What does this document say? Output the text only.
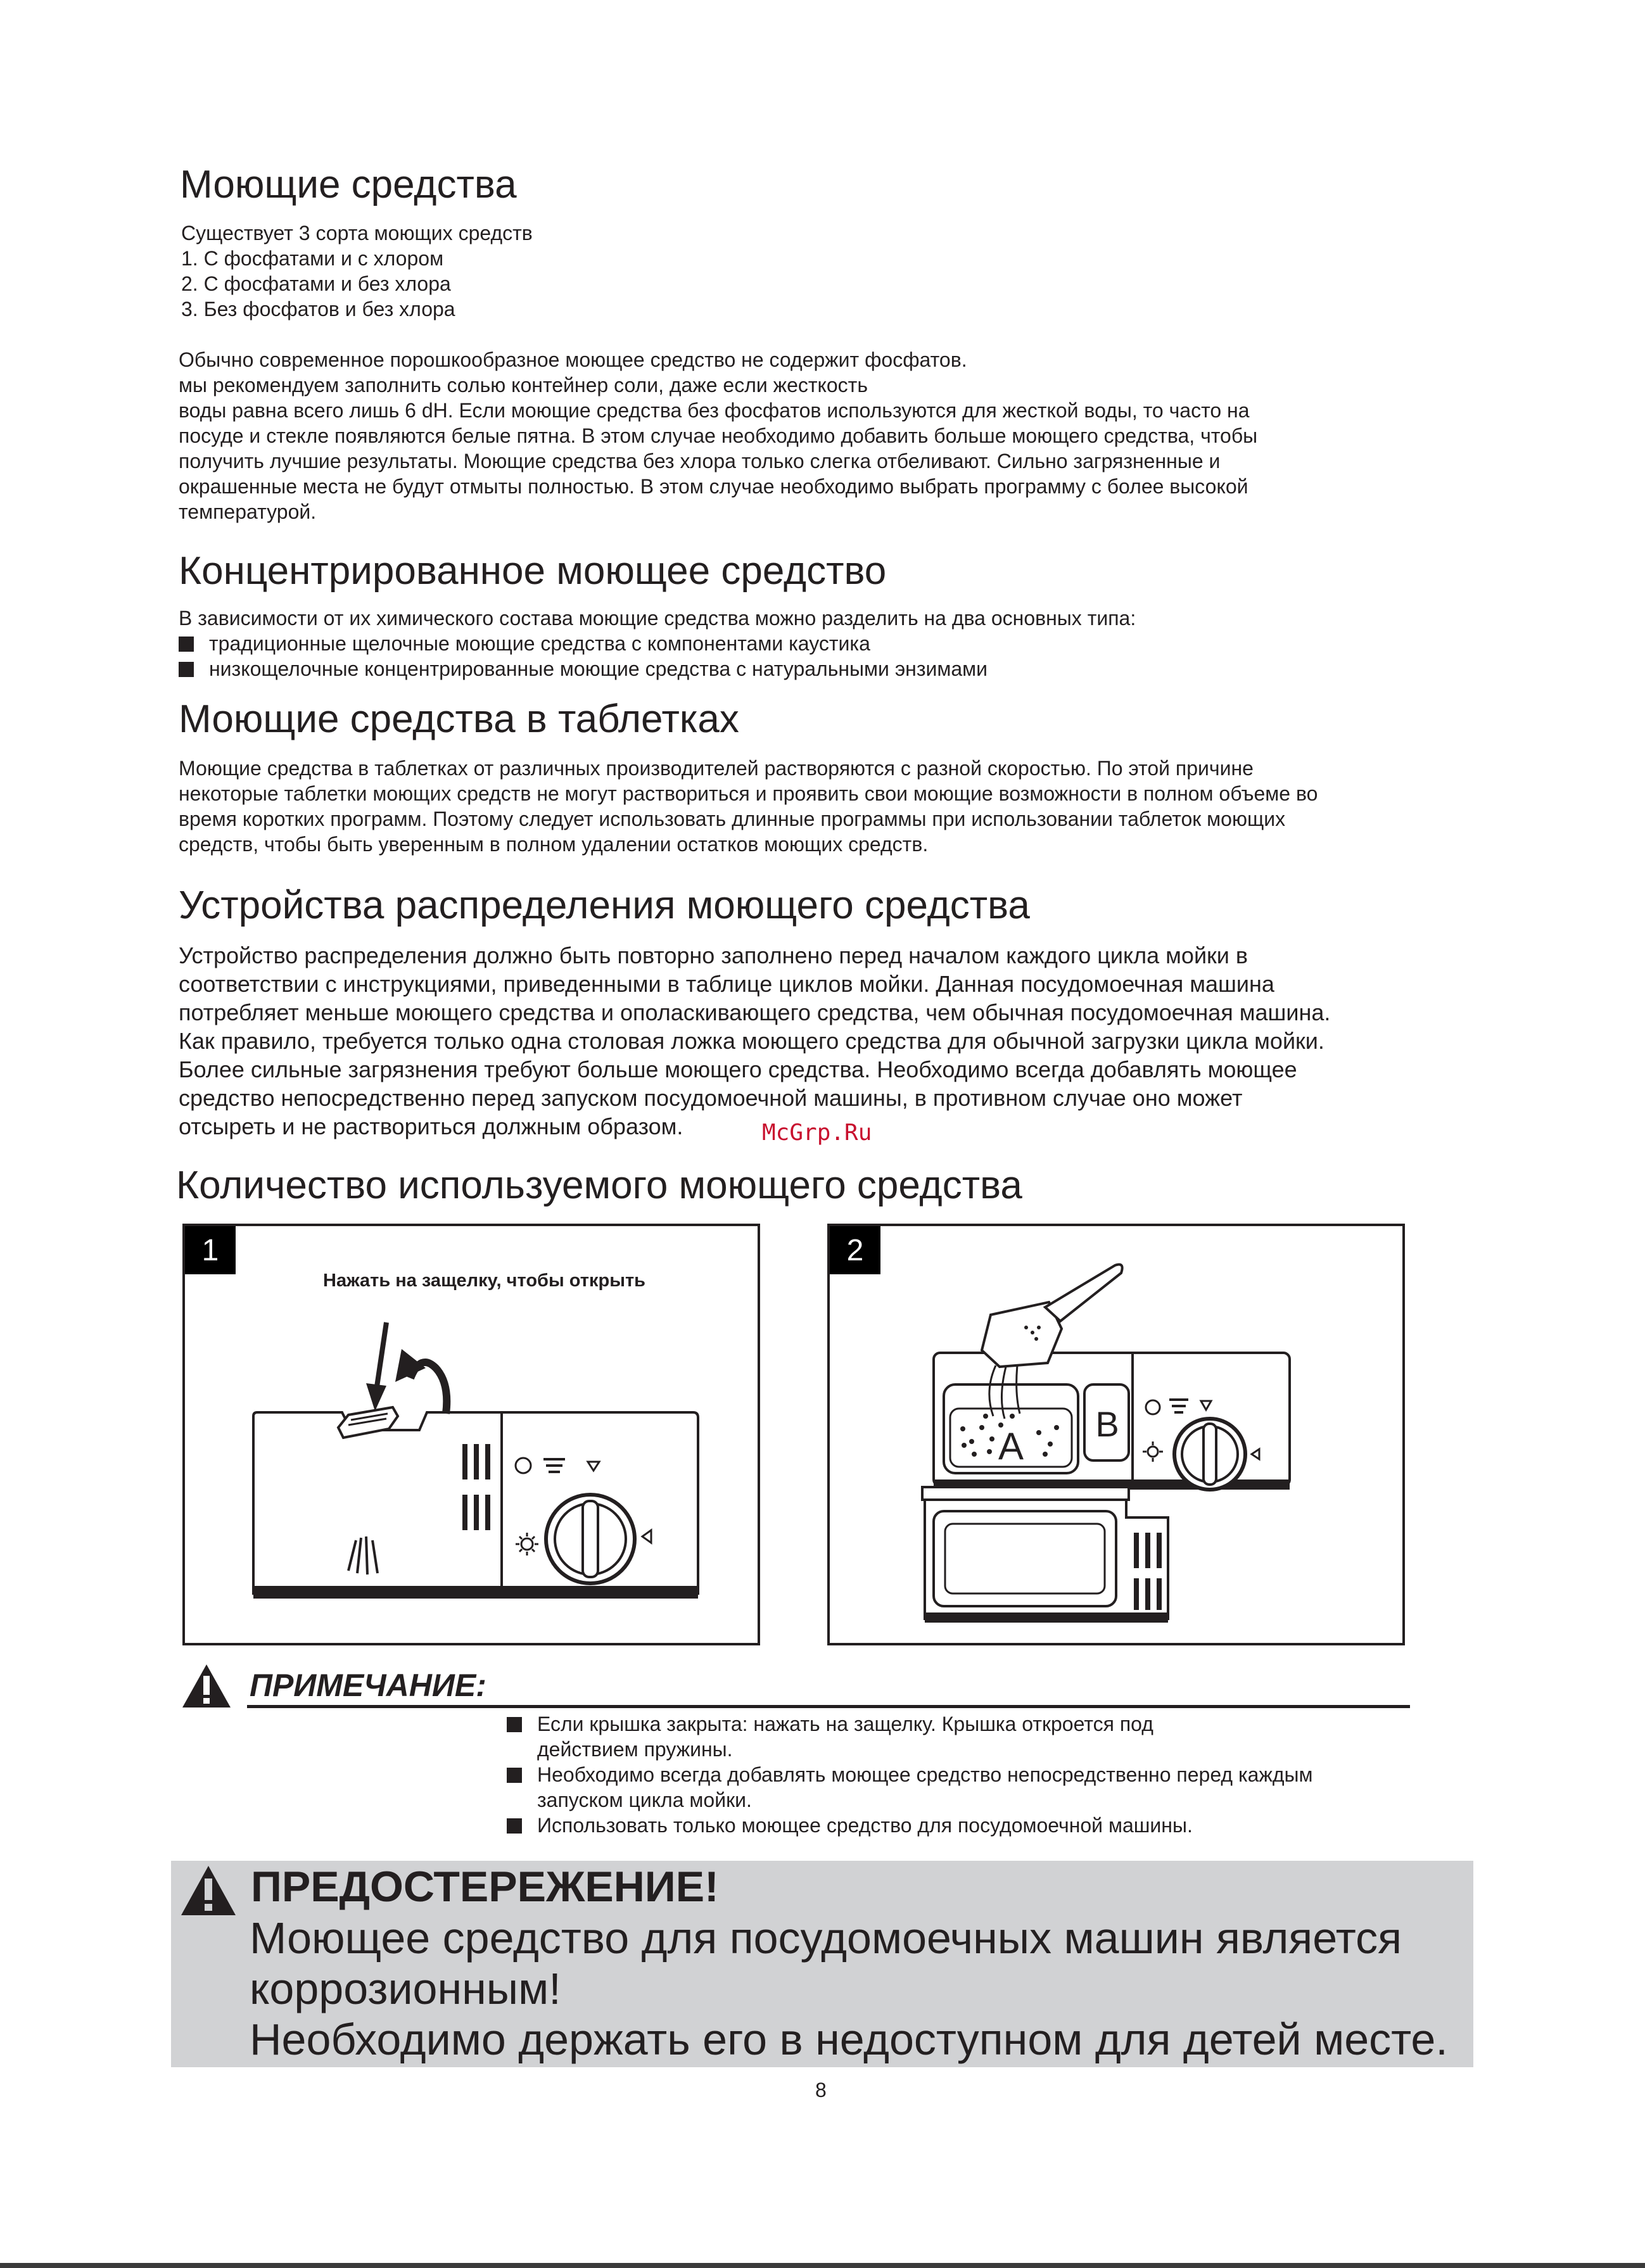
Моющие средства
Существует 3 сорта моющих средств
1. С фосфатами и с хлором
2. С фосфатами и без хлора
3. Без фосфатов и без хлора
Обычно современное порошкообразное моющее средство не содержит фосфатов.
мы рекомендуем заполнить солью контейнер соли, даже если жесткость
воды равна всего лишь 6 dH. Если моющие средства без фосфатов используются для жесткой воды, то часто на
посуде и стекле появляются белые пятна. В этом случае необходимо добавить больше моющего средства, чтобы
получить лучшие результаты. Моющие средства без хлора только слегка отбеливают. Сильно загрязненные и
окрашенные места не будут отмыты полностью. В этом случае необходимо выбрать программу с более высокой
температурой.
Концентрированное моющее средство
В зависимости от их химического состава моющие средства можно разделить на два основных типа:
традиционные щелочные моющие средства с компонентами каустика
низкощелочные концентрированные моющие средства с натуральными энзимами
Моющие средства в таблетках
Моющие средства в таблетках от различных производителей растворяются с разной скоростью. По этой причине
некоторые таблетки моющих средств не могут раствориться и проявить свои моющие возможности в полном объеме во
время коротких программ. Поэтому следует использовать длинные программы при использовании таблеток моющих
средств, чтобы быть уверенным в полном удалении остатков моющих средств.
Устройства распределения моющего средства
Устройство распределения должно быть повторно заполнено перед началом каждого цикла мойки в
соответствии с инструкциями, приведенными в таблице циклов мойки. Данная посудомоечная машина
потребляет меньше моющего средства и ополаскивающего средства, чем обычная посудомоечная машина.
Как правило, требуется только одна столовая ложка моющего средства для обычной загрузки цикла мойки.
Более сильные загрязнения требуют больше моющего средства. Необходимо всегда добавлять моющее
средство непосредственно перед запуском посудомоечной машины, в противном случае оно может
отсыреть и не раствориться должным образом.	McGrp.Ru
Количество используемого моющего средства
1
Нажать на защелку, чтобы открыть
2
A
B
ПРИМЕЧАНИЕ:
Если крышка закрыта: нажать на защелку. Крышка откроется под
действием пружины.
Необходимо всегда добавлять моющее средство непосредственно перед каждым
запуском цикла мойки.
Использовать только моющее средство для посудомоечной машины.
ПРЕДОСТЕРЕЖЕНИЕ!
Моющее средство для посудомоечных машин является
коррозионным!
Необходимо держать его в недоступном для детей месте.
8
